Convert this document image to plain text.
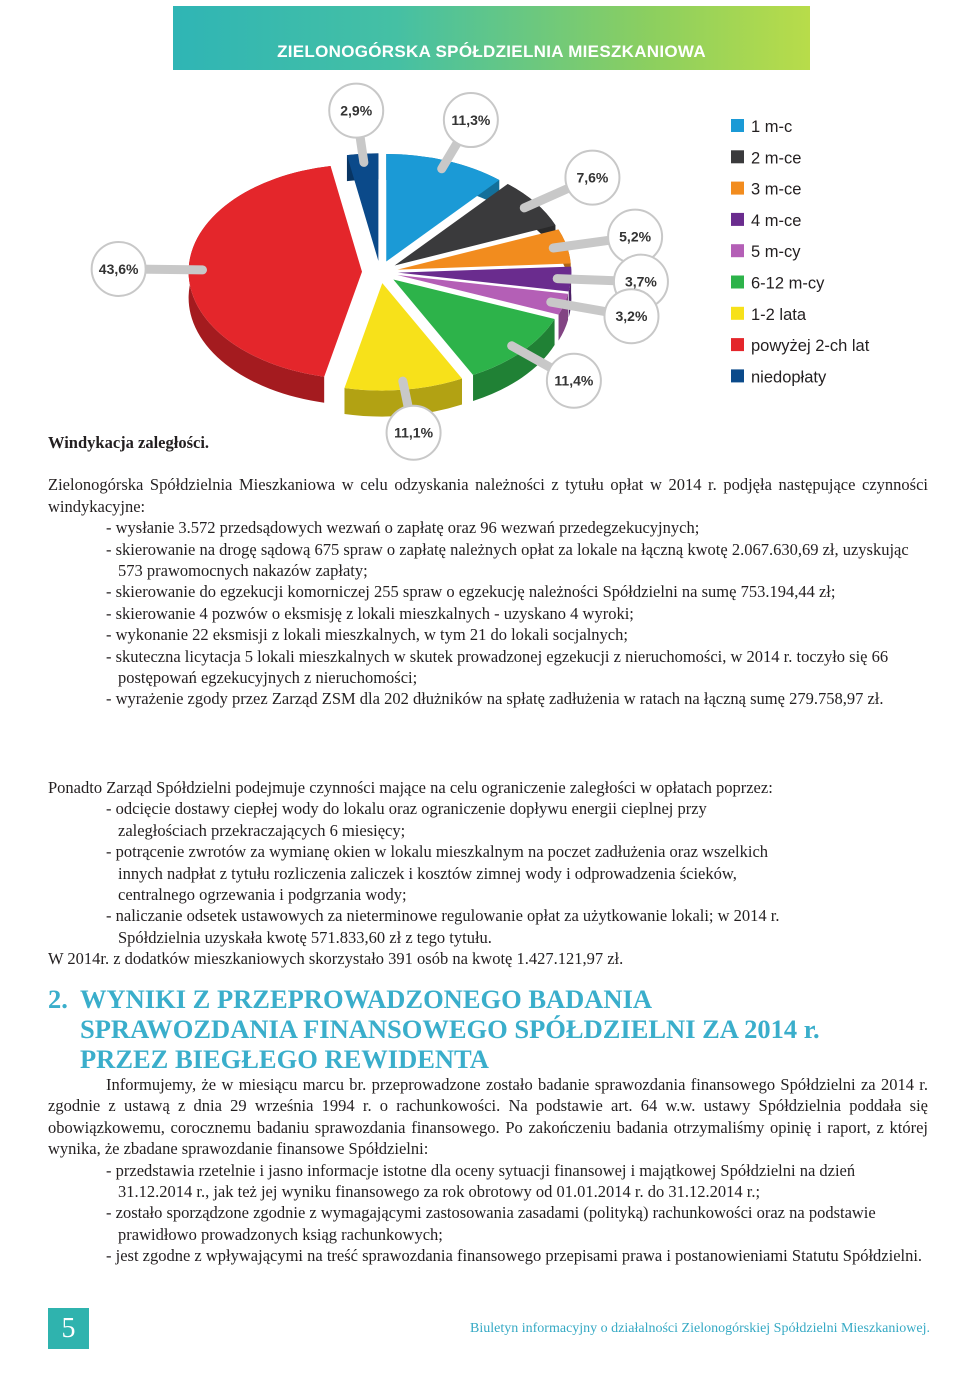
ZIELONOGÓRSKA SPÓŁDZIELNIA MIESZKANIOWA
11,3%
7,6%
5,2%
3,7%
3,2%
11,4%
11,1%
43,6%
2,9%
1 m-c
2 m-ce
3 m-ce
4 m-ce
5 m-cy
6-12 m-cy
1-2 lata
powyżej 2-ch lat
niedopłaty

Windykacja zaległości.

Zielonogórska Spółdzielnia Mieszkaniowa w celu odzyskania należności z tytułu opłat w 2014 r. podjęła następujące czynności windykacyjne:

- wysłanie 3.572 przedsądowych wezwań o zapłatę oraz 96 wezwań przedegzekucyjnych;
- skierowanie na drogę sądową 675 spraw o zapłatę należnych opłat za lokale na łączną kwotę 2.067.630,69 zł, uzyskując 573 prawomocnych nakazów zapłaty;
- skierowanie do egzekucji komorniczej 255 spraw o egzekucję należności Spółdzielni na sumę 753.194,44 zł;
- skierowanie 4 pozwów o eksmisję z lokali mieszkalnych - uzyskano 4 wyroki;
- wykonanie 22 eksmisji z lokali mieszkalnych, w tym 21 do lokali socjalnych;
- skuteczna licytacja 5 lokali mieszkalnych w skutek prowadzonej egzekucji z nieruchomości, w 2014 r. toczyło się 66 postępowań egzekucyjnych z nieruchomości;
- wyrażenie zgody przez Zarząd ZSM dla 202 dłużników na spłatę zadłużenia w ratach na łączną sumę 279.758,97 zł.

Ponadto Zarząd Spółdzielni podejmuje czynności mające na celu ograniczenie zaległości w opłatach poprzez:

- odcięcie dostawy ciepłej wody do lokalu oraz ograniczenie dopływu energii cieplnej przy zaległościach przekraczających 6 miesięcy;
- potrącenie zwrotów za wymianę okien w lokalu mieszkalnym na poczet zadłużenia oraz wszelkich innych nadpłat z tytułu rozliczenia zaliczek i kosztów zimnej wody i odprowadzenia ścieków, centralnego ogrzewania i podgrzania wody;
- naliczanie odsetek ustawowych za nieterminowe regulowanie opłat za użytkowanie lokali; w 2014 r. Spółdzielnia uzyskała kwotę 571.833,60 zł z tego tytułu.

W 2014r. z dodatków mieszkaniowych skorzystało 391 osób na kwotę 1.427.121,97 zł.

2. WYNIKI Z PRZEPROWADZONEGO BADANIA
SPRAWOZDANIA FINANSOWEGO SPÓŁDZIELNI ZA 2014 r.
PRZEZ BIEGŁEGO REWIDENTA

Informujemy, że w miesiącu marcu br. przeprowadzone zostało badanie sprawozdania finansowego Spółdzielni za 2014 r. zgodnie z ustawą z dnia 29 września 1994 r. o rachunkowości. Na podstawie art. 64 w.w. ustawy Spółdzielnia poddała się obowiązkowemu, corocznemu badaniu sprawozdania finansowego. Po zakończeniu badania otrzymaliśmy opinię i raport, z której wynika, że zbadane sprawozdanie finansowe Spółdzielni:

- przedstawia rzetelnie i jasno informacje istotne dla oceny sytuacji finansowej i majątkowej Spółdzielni na dzień 31.12.2014 r., jak też jej wyniku finansowego za rok obrotowy od 01.01.2014 r. do 31.12.2014 r.;
- zostało sporządzone zgodnie z wymagającymi zastosowania zasadami (polityką) rachunkowości oraz na podstawie prawidłowo prowadzonych ksiąg rachunkowych;
- jest zgodne z wpływającymi na treść sprawozdania finansowego przepisami prawa i postanowieniami Statutu Spółdzielni.
5	Biuletyn informacyjny o działalności Zielonogórskiej Spółdzielni Mieszkaniowej.
